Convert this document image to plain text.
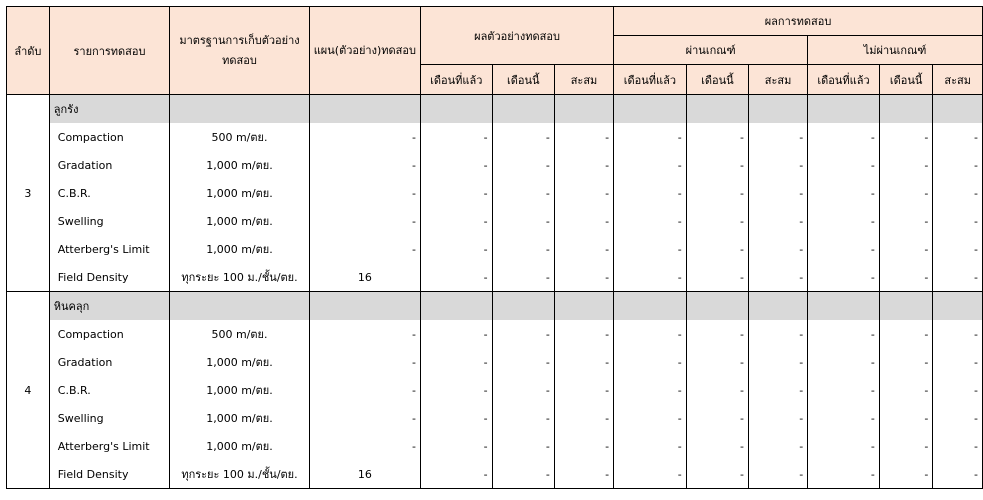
ลำดับ	รายการทดสอบ	มาตรฐานการเก็บตัวอย่างทดสอบ	แผน(ตัวอย่าง)ทดสอบ	ผลตัวอย่างทดสอบ			ผลการทดสอบ					
							ผ่านเกณฑ์			ไม่ผ่านเกณฑ์		
				เดือนที่แล้ว	เดือนนี้	สะสม	เดือนที่แล้ว	เดือนนี้	สะสม	เดือนที่แล้ว	เดือนนี้	สะสม
3	ลูกรัง											
	Compaction	500 m/ตย.	-	-	-	-	-	-	-	-	-	-
	Gradation	1,000 m/ตย.	-	-	-	-	-	-	-	-	-	-
	C.B.R.	1,000 m/ตย.	-	-	-	-	-	-	-	-	-	-
	Swelling	1,000 m/ตย.	-	-	-	-	-	-	-	-	-	-
	Atterberg's Limit	1,000 m/ตย.	-	-	-	-	-	-	-	-	-	-
	Field Density	ทุกระยะ 100 ม./ชั้น/ตย.	16	-	-	-	-	-	-	-	-	-
4	หินคลุก											
	Compaction	500 m/ตย.	-	-	-	-	-	-	-	-	-	-
	Gradation	1,000 m/ตย.	-	-	-	-	-	-	-	-	-	-
	C.B.R.	1,000 m/ตย.	-	-	-	-	-	-	-	-	-	-
	Swelling	1,000 m/ตย.	-	-	-	-	-	-	-	-	-	-
	Atterberg's Limit	1,000 m/ตย.	-	-	-	-	-	-	-	-	-	-
	Field Density	ทุกระยะ 100 ม./ชั้น/ตย.	16	-	-	-	-	-	-	-	-	-
